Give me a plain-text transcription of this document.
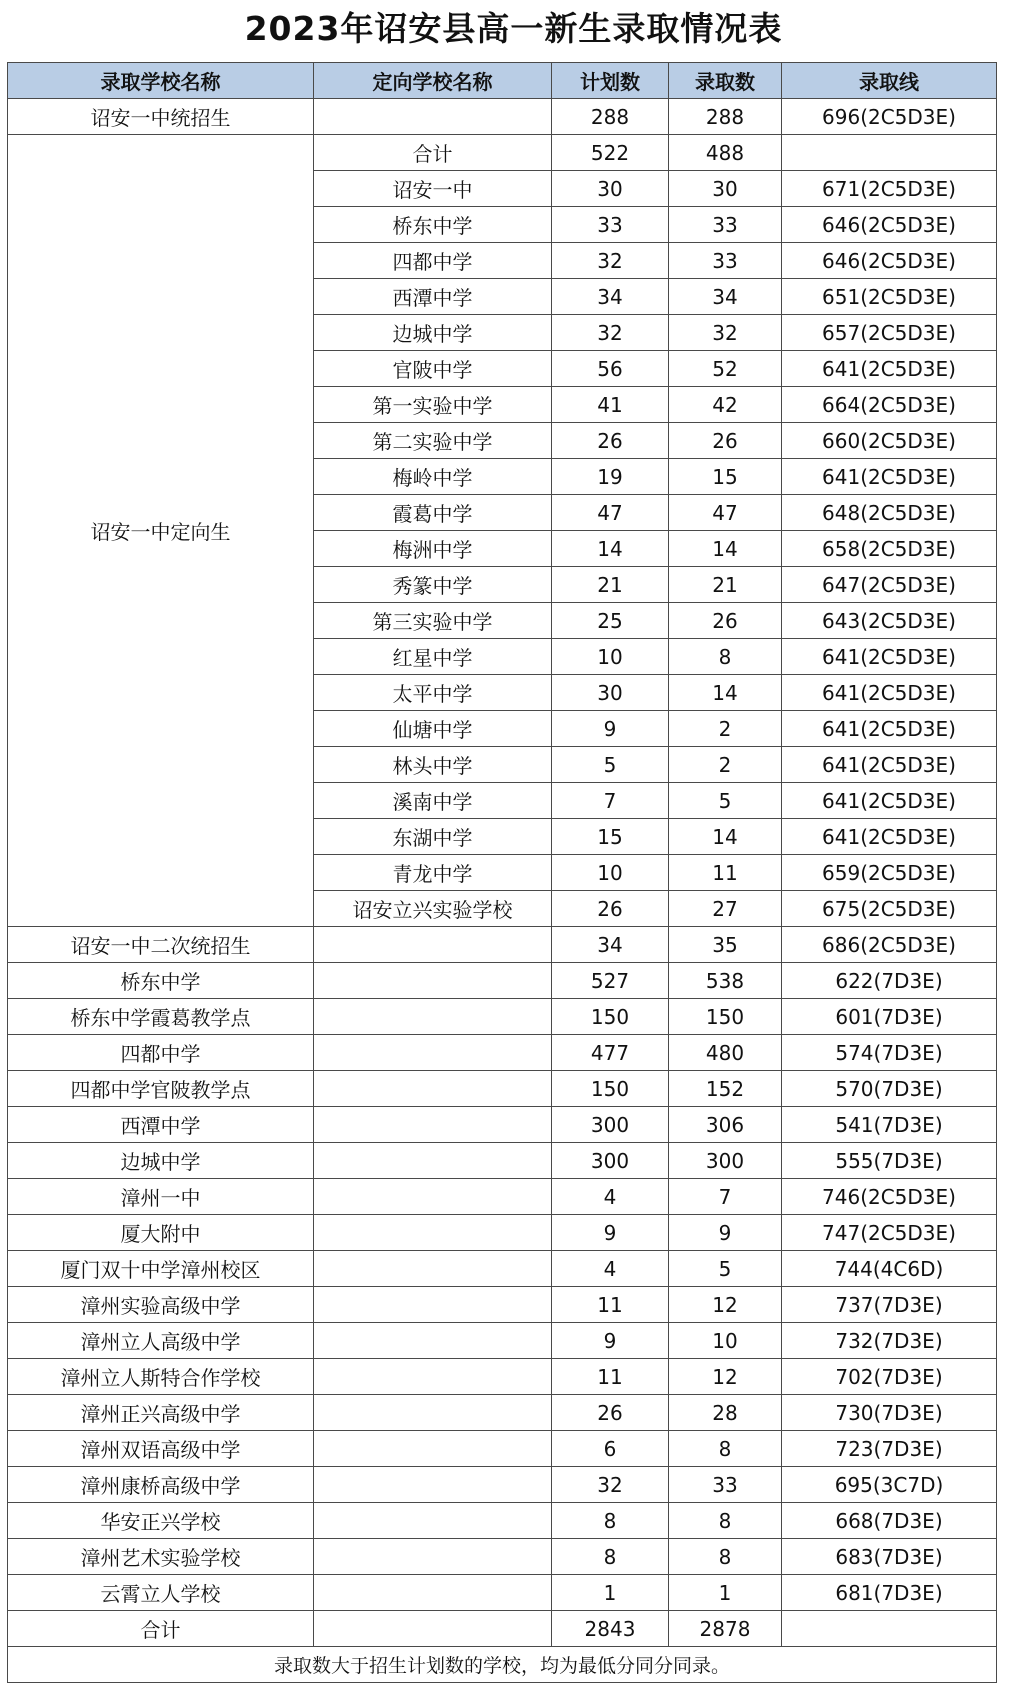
2023年诏安县高一新生录取情况表
录取学校名称	定向学校名称	计划数	录取数	录取线
诏安一中统招生		288	288	696(2C5D3E)
诏安一中定向生	合计	522	488	
	诏安一中	30	30	671(2C5D3E)
	桥东中学	33	33	646(2C5D3E)
	四都中学	32	33	646(2C5D3E)
	西潭中学	34	34	651(2C5D3E)
	边城中学	32	32	657(2C5D3E)
	官陂中学	56	52	641(2C5D3E)
	第一实验中学	41	42	664(2C5D3E)
	第二实验中学	26	26	660(2C5D3E)
	梅岭中学	19	15	641(2C5D3E)
	霞葛中学	47	47	648(2C5D3E)
	梅洲中学	14	14	658(2C5D3E)
	秀篆中学	21	21	647(2C5D3E)
	第三实验中学	25	26	643(2C5D3E)
	红星中学	10	8	641(2C5D3E)
	太平中学	30	14	641(2C5D3E)
	仙塘中学	9	2	641(2C5D3E)
	林头中学	5	2	641(2C5D3E)
	溪南中学	7	5	641(2C5D3E)
	东湖中学	15	14	641(2C5D3E)
	青龙中学	10	11	659(2C5D3E)
	诏安立兴实验学校	26	27	675(2C5D3E)
诏安一中二次统招生		34	35	686(2C5D3E)
桥东中学		527	538	622(7D3E)
桥东中学霞葛教学点		150	150	601(7D3E)
四都中学		477	480	574(7D3E)
四都中学官陂教学点		150	152	570(7D3E)
西潭中学		300	306	541(7D3E)
边城中学		300	300	555(7D3E)
漳州一中		4	7	746(2C5D3E)
厦大附中		9	9	747(2C5D3E)
厦门双十中学漳州校区		4	5	744(4C6D)
漳州实验高级中学		11	12	737(7D3E)
漳州立人高级中学		9	10	732(7D3E)
漳州立人斯特合作学校		11	12	702(7D3E)
漳州正兴高级中学		26	28	730(7D3E)
漳州双语高级中学		6	8	723(7D3E)
漳州康桥高级中学		32	33	695(3C7D)
华安正兴学校		8	8	668(7D3E)
漳州艺术实验学校		8	8	683(7D3E)
云霄立人学校		1	1	681(7D3E)
合计		2843	2878	
录取数大于招生计划数的学校，均为最低分同分同录。				
